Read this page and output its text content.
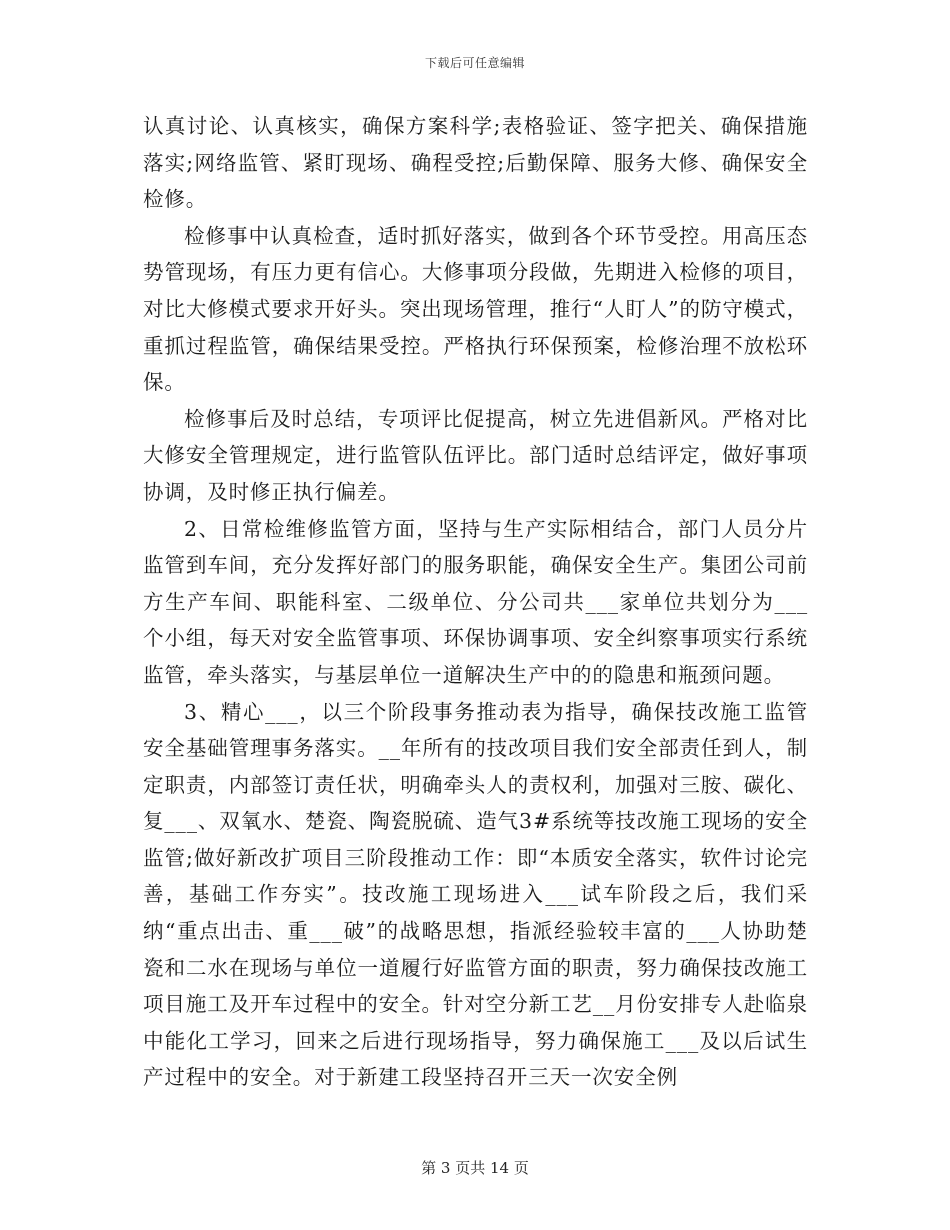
下载后可任意编辑

认真讨论、认真核实，确保方案科学;表格验证、签字把关、确保措施落实;网络监管、紧盯现场、确程受控;后勤保障、服务大修、确保安全检修。

检修事中认真检查，适时抓好落实，做到各个环节受控。用高压态势管现场，有压力更有信心。大修事项分段做，先期进入检修的项目，对比大修模式要求开好头。突出现场管理，推行“人盯人”的防守模式，重抓过程监管，确保结果受控。严格执行环保预案，检修治理不放松环保。

检修事后及时总结，专项评比促提高，树立先进倡新风。严格对比大修安全管理规定，进行监管队伍评比。部门适时总结评定，做好事项协调，及时修正执行偏差。

2、日常检维修监管方面，坚持与生产实际相结合，部门人员分片监管到车间，充分发挥好部门的服务职能，确保安全生产。集团公司前方生产车间、职能科室、二级单位、分公司共___家单位共划分为___个小组，每天对安全监管事项、环保协调事项、安全纠察事项实行系统监管，牵头落实，与基层单位一道解决生产中的的隐患和瓶颈问题。

3、精心___，以三个阶段事务推动表为指导，确保技改施工监管安全基础管理事务落实。__年所有的技改项目我们安全部责任到人，制定职责，内部签订责任状，明确牵头人的责权利，加强对三胺、碳化、复___、双氧水、楚瓷、陶瓷脱硫、造气3#系统等技改施工现场的安全监管;做好新改扩项目三阶段推动工作：即“本质安全落实，软件讨论完善，基础工作夯实”。技改施工现场进入___试车阶段之后，我们采纳“重点出击、重___破”的战略思想，指派经验较丰富的___人协助楚瓷和二水在现场与单位一道履行好监管方面的职责，努力确保技改施工项目施工及开车过程中的安全。针对空分新工艺__月份安排专人赴临泉中能化工学习，回来之后进行现场指导，努力确保施工___及以后试生产过程中的安全。对于新建工段坚持召开三天一次安全例

第 3 页共 14 页
